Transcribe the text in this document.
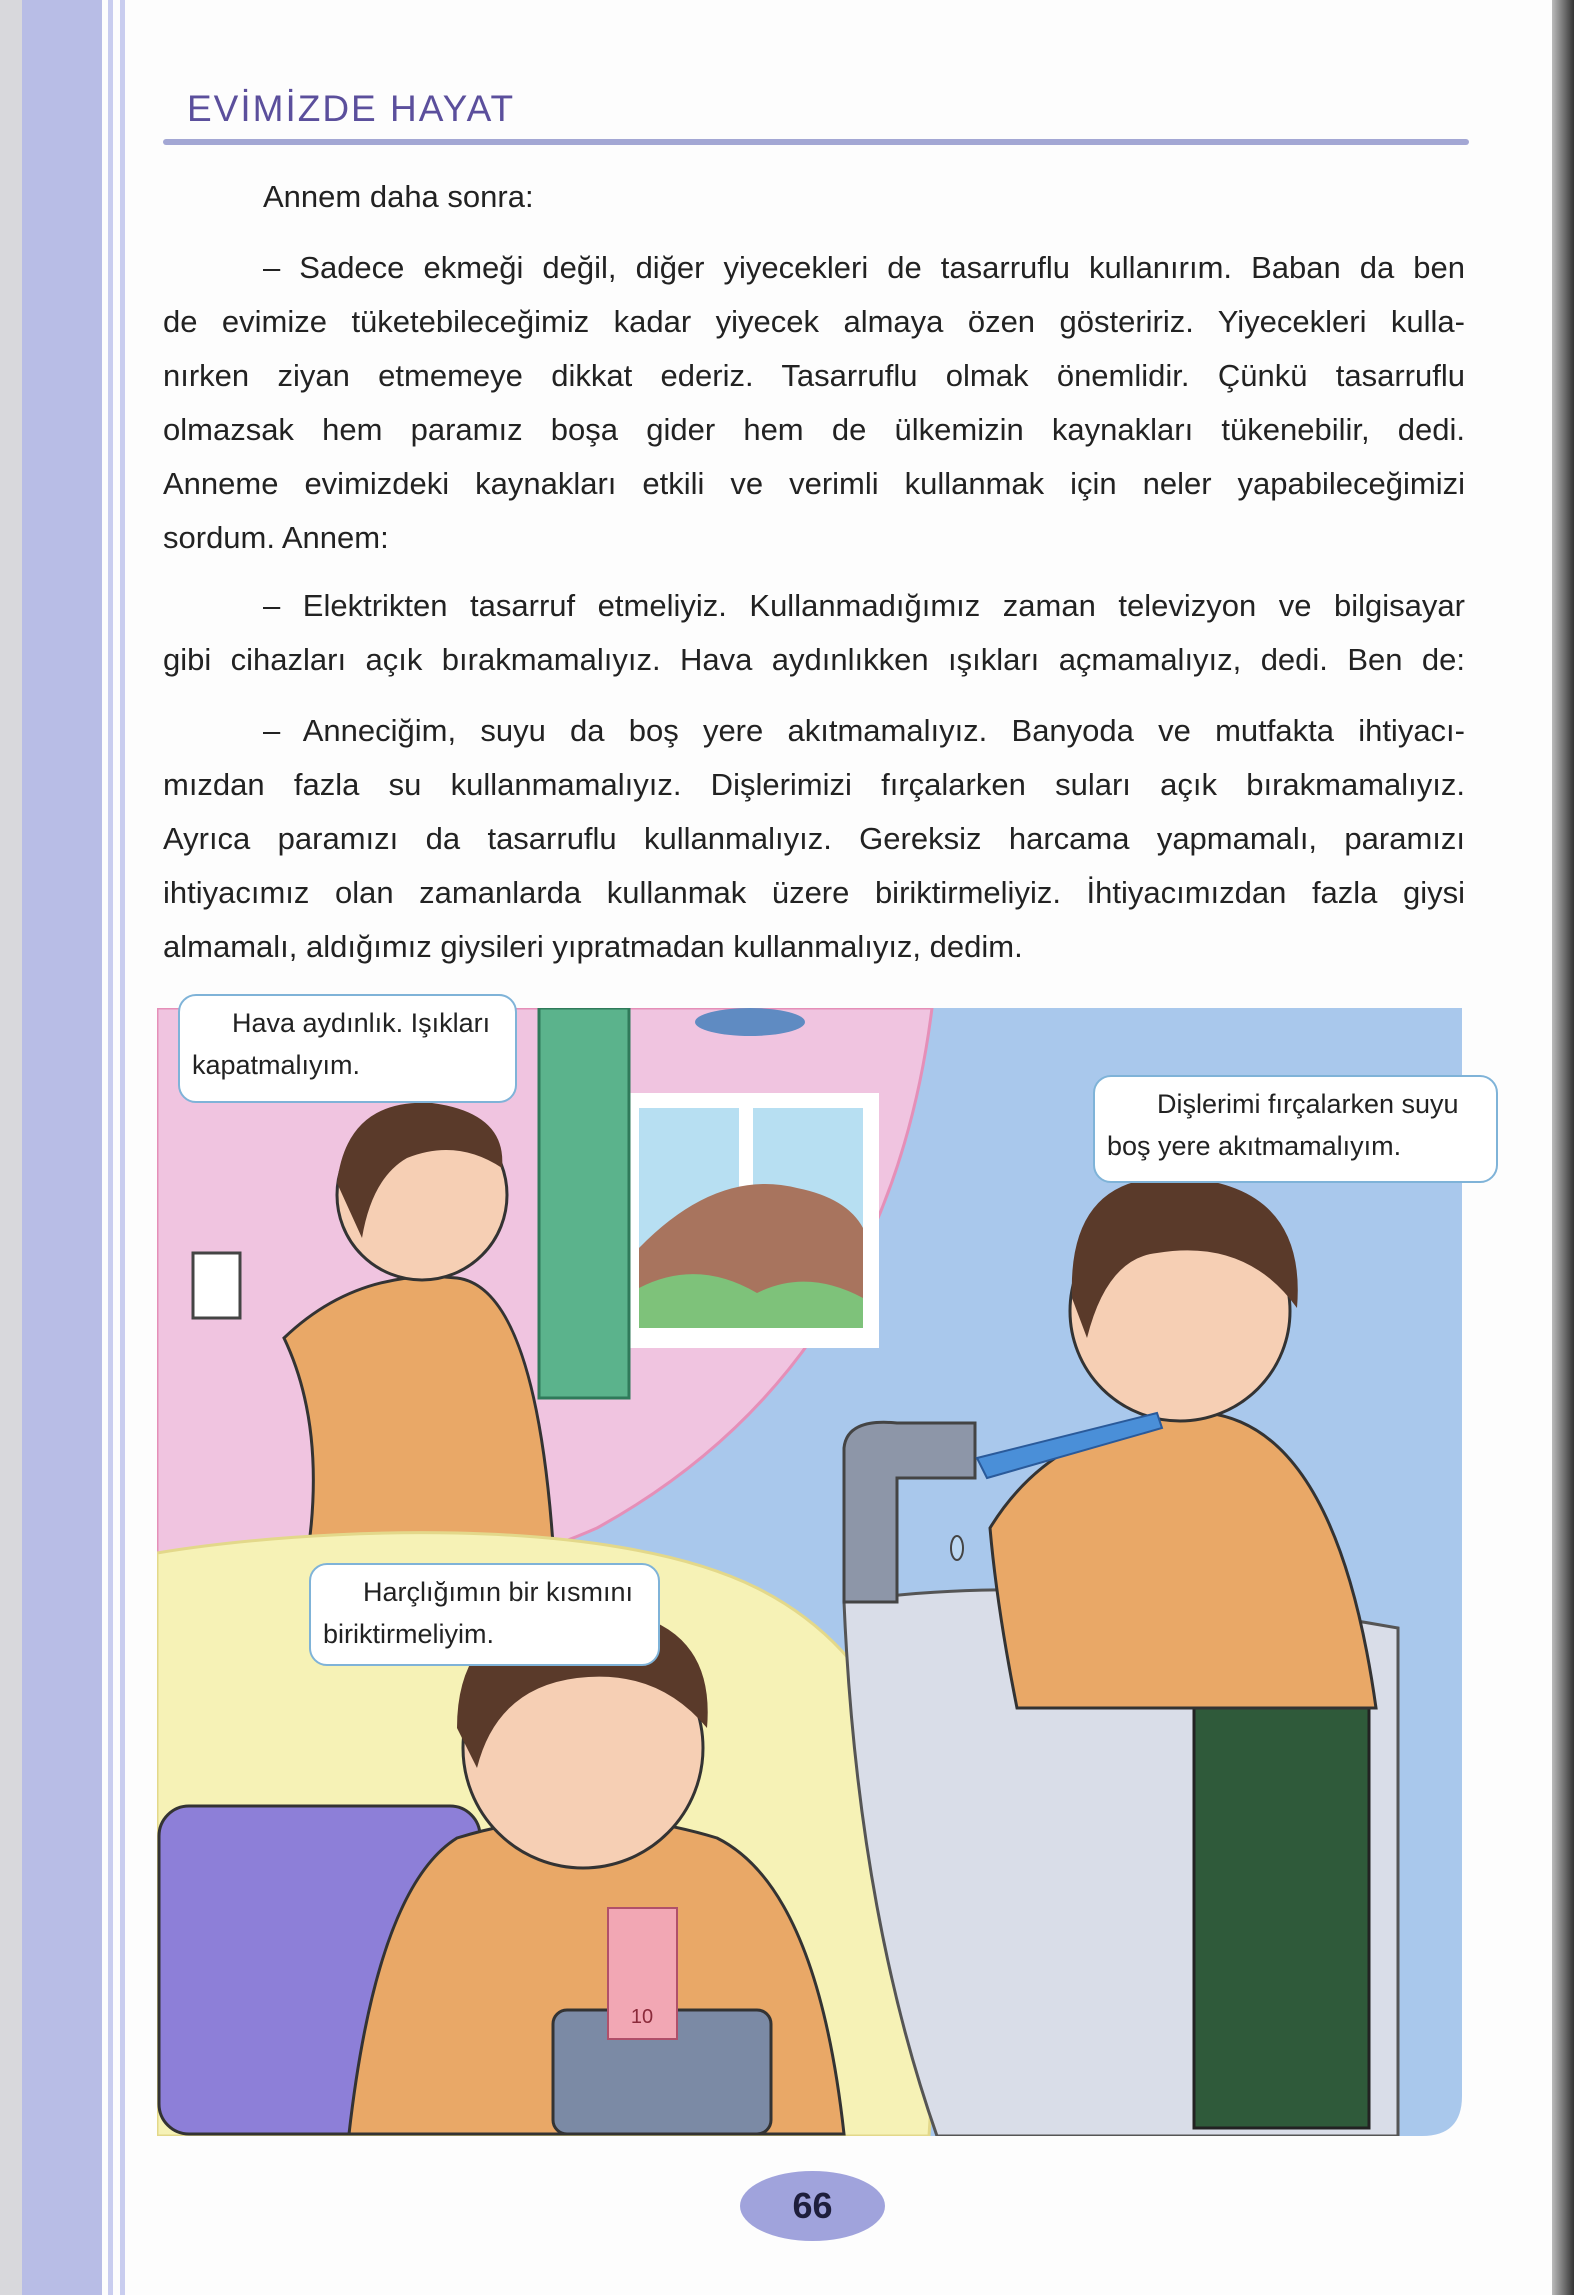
EVİMİZDE HAYAT
Annem daha sonra:
– Sadece ekmeği değil, diğer yiyecekleri de tasarruflu kullanırım. Baban da ben
de evimize tüketebileceğimiz kadar yiyecek almaya özen gösteririz. Yiyecekleri kulla-
nırken ziyan etmemeye dikkat ederiz. Tasarruflu olmak önemlidir. Çünkü tasarruflu
olmazsak hem paramız boşa gider hem de ülkemizin kaynakları tükenebilir, dedi.
Anneme evimizdeki kaynakları etkili ve verimli kullanmak için neler yapabileceğimizi
sordum. Annem:
– Elektrikten tasarruf etmeliyiz. Kullanmadığımız zaman televizyon ve bilgisayar
gibi cihazları açık bırakmamalıyız. Hava aydınlıkken ışıkları açmamalıyız, dedi. Ben de:
– Anneciğim, suyu da boş yere akıtmamalıyız. Banyoda ve mutfakta ihtiyacı-
mızdan fazla su kullanmamalıyız. Dişlerimizi fırçalarken suları açık bırakmamalıyız.
Ayrıca paramızı da tasarruflu kullanmalıyız. Gereksiz harcama yapmamalı, paramızı
ihtiyacımız olan zamanlarda kullanmak üzere biriktirmeliyiz. İhtiyacımızdan fazla giysi
almamalı, aldığımız giysileri yıpratmadan kullanmalıyız, dedim.
10
Hava aydınlık. Işıkları
kapatmalıyım.
Dişlerimi fırçalarken suyu
boş yere akıtmamalıyım.
Harçlığımın bir kısmını
biriktirmeliyim.
66
